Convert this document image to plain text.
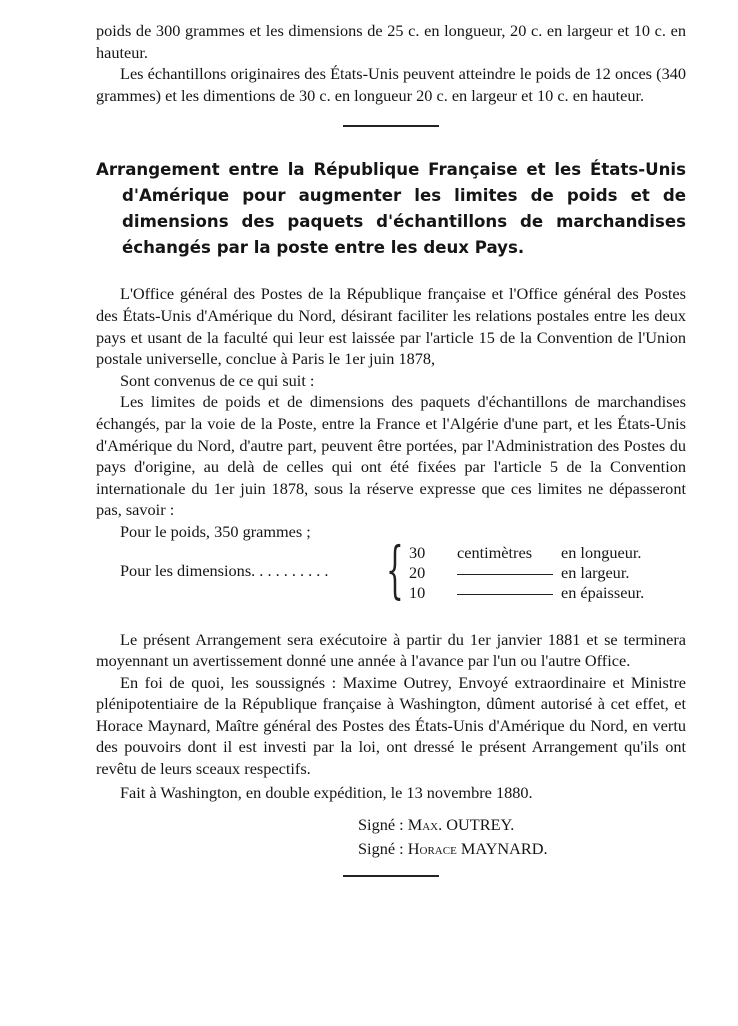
poids de 300 grammes et les dimensions de 25 c. en longueur, 20 c. en largeur et 10 c. en hauteur.

Les échantillons originaires des États-Unis peuvent atteindre le poids de 12 onces (340 grammes) et les dimentions de 30 c. en longueur 20 c. en largeur et 10 c. en hauteur.

Arrangement entre la République Française et les États-Unis
d'Amérique pour augmenter les limites de poids et de
dimensions des paquets d'échantillons de marchandises
échangés par la poste entre les deux Pays.

L'Office général des Postes de la République française et l'Office général des Postes des États-Unis d'Amérique du Nord, désirant faciliter les relations postales entre les deux pays et usant de la faculté qui leur est laissée par l'article 15 de la Convention de l'Union postale universelle, conclue à Paris le 1er juin 1878,

Sont convenus de ce qui suit :

Les limites de poids et de dimensions des paquets d'échantillons de marchandises échangés, par la voie de la Poste, entre la France et l'Algérie d'une part, et les États-Unis d'Amérique du Nord, d'autre part, peuvent être portées, par l'Administration des Postes du pays d'origine, au delà de celles qui ont été fixées par l'article 5 de la Convention internationale du 1er juin 1878, sous la réserve expresse que ces limites ne dépasseront pas, savoir :

Pour le poids, 350 grammes ;

Pour les dimensions. . . . . . . . . . { 30 centimètres en longueur.
20	en largeur.
10	en épaisseur.

Le présent Arrangement sera exécutoire à partir du 1er janvier 1881 et se terminera moyennant un avertissement donné une année à l'avance par l'un ou l'autre Office.

En foi de quoi, les soussignés : Maxime Outrey, Envoyé extraordinaire et Ministre plénipotentiaire de la République française à Washington, dûment autorisé à cet effet, et Horace Maynard, Maître général des Postes des États-Unis d'Amérique du Nord, en vertu des pouvoirs dont il est investi par la loi, ont dressé le présent Arrangement qu'ils ont revêtu de leurs sceaux respectifs.

Fait à Washington, en double expédition, le 13 novembre 1880.

Signé : Max. OUTREY.

Signé : Horace MAYNARD.
